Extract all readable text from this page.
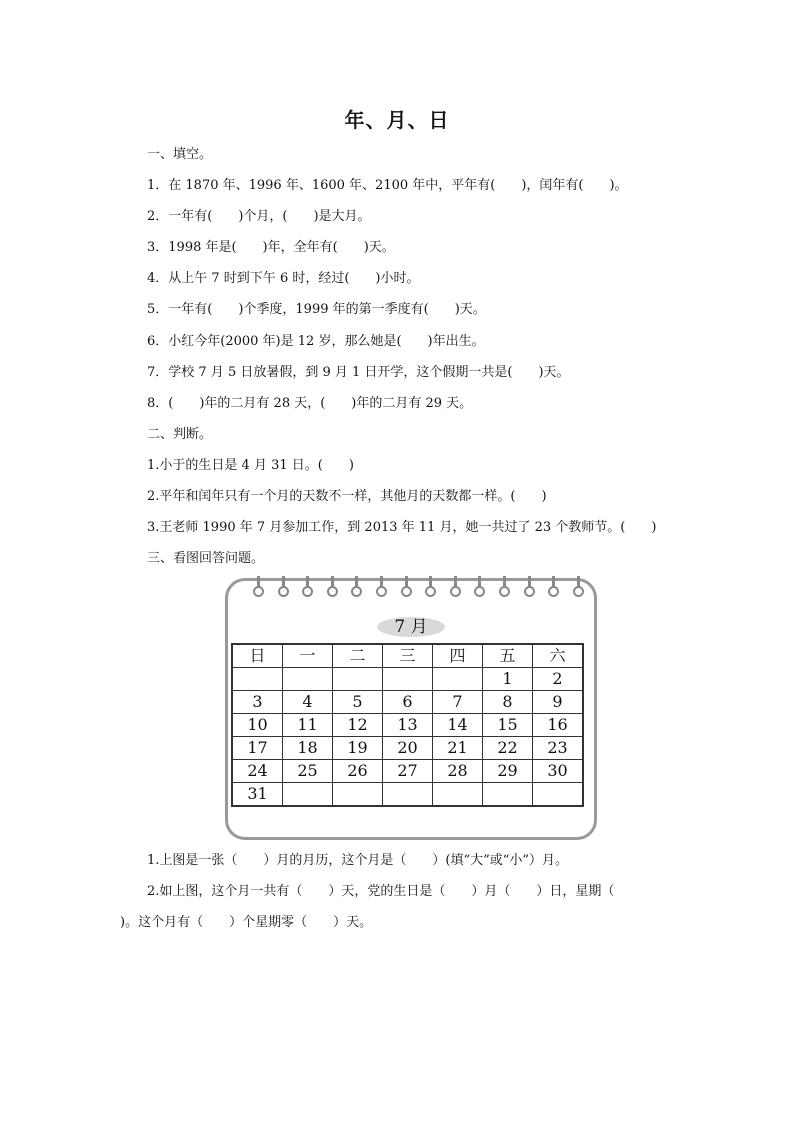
年、月、日
一、填空。
1．在 1870 年、1996 年、1600 年、2100 年中，平年有(　　)，闰年有(　　)。
2．一年有(　　)个月，(　　)是大月。
3．1998 年是(　　)年，全年有(　　)天。
4．从上午 7 时到下午 6 时，经过(　　)小时。
5．一年有(　　)个季度，1999 年的第一季度有(　　)天。
6．小红今年(2000 年)是 12 岁，那么她是(　　)年出生。
7．学校 7 月 5 日放暑假，到 9 月 1 日开学，这个假期一共是(　　)天。
8．(　　)年的二月有 28 天，(　　)年的二月有 29 天。
二、判断。
1.小于的生日是 4 月 31 日。(　　)
2.平年和闰年只有一个月的天数不一样，其他月的天数都一样。(　　)
3.王老师 1990 年 7 月参加工作，到 2013 年 11 月，她一共过了 23 个教师节。(　　)
三、看图回答问题。
7 月
日	一	二	三	四	五	六
					1	2
3	4	5	6	7	8	9
10	11	12	13	14	15	16
17	18	19	20	21	22	23
24	25	26	27	28	29	30
31						
1.上图是一张（　　）月的月历，这个月是（　　）(填“大”或“小”）月。
2.如上图，这个月一共有（　　）天，党的生日是（　　）月（　　）日，星期（
)。这个月有（　　）个星期零（　　）天。
